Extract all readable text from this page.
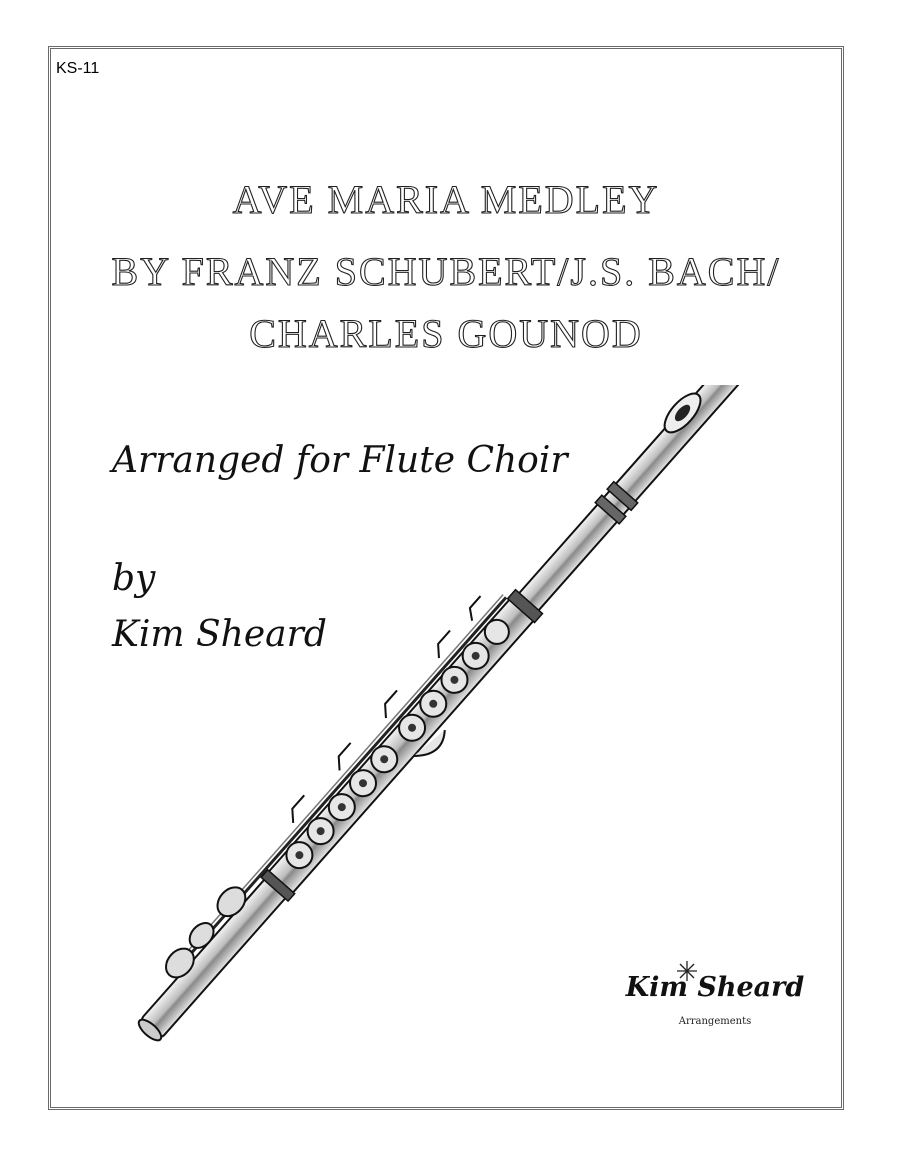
KS-11
AVE MARIA MEDLEY
BY FRANZ SCHUBERT/J.S. BACH/
CHARLES GOUNOD
Arranged for Flute Choir
by
Kim Sheard
Kim Sheard
Arrangements
